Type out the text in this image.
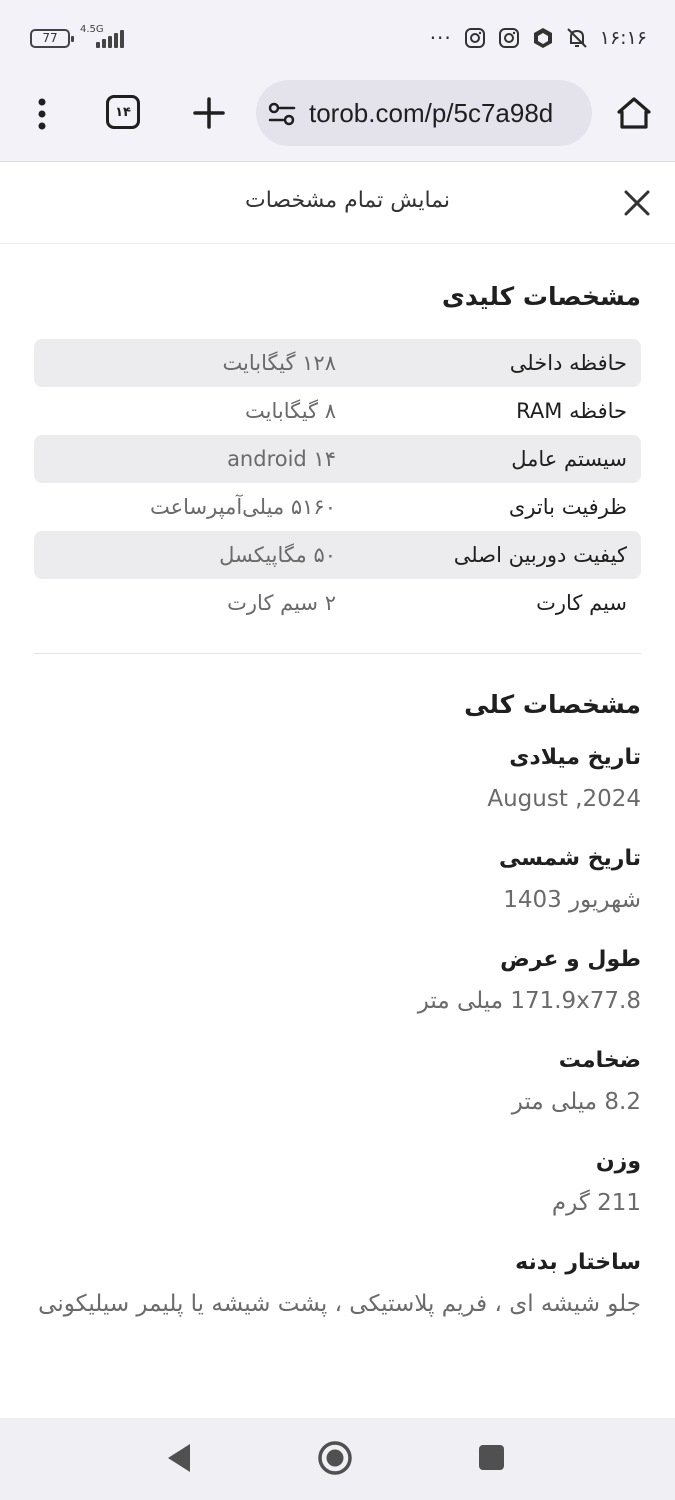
77
4.5G	···	۱۶:۱۶
۱۴	torob.com/p/5c7a98d
نمایش تمام مشخصات
مشخصات کلیدی
حافظه داخلی
۱۲۸ گیگابایت
حافظه RAM
۸ گیگابایت
سیستم عامل
android ۱۴
ظرفیت باتری
۵۱۶۰ میلی‌آمپرساعت
کیفیت دوربین اصلی
۵۰ مگاپیکسل
سیم کارت
۲ سیم کارت
مشخصات کلی
تاریخ میلادی
August ,2024
تاریخ شمسی
شهریور 1403
طول و عرض
171.9x77.8 میلی متر
ضخامت
8.2 میلی متر
وزن
211 گرم
ساختار بدنه
جلو شیشه ای ، فریم پلاستیکی ، پشت شیشه یا پلیمر سیلیکونی
